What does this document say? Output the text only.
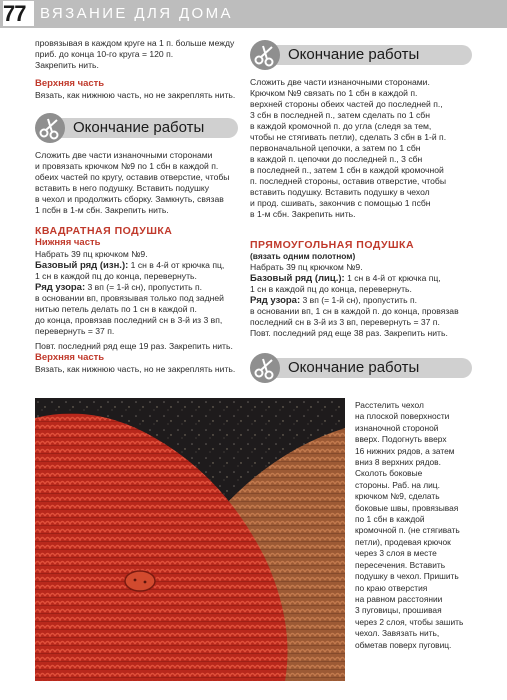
77 ВЯЗАНИЕ ДЛЯ ДОМА

провязывая в каждом круге на 1 п. больше между

приб. до конца 10-го круга = 120 п.

Закрепить нить.

Верхняя часть

Вязать, как нижнюю часть, но не закреплять нить.

Окончание работы

Сложить две части изнаночными сторонами

и провязать крючком №9 по 1 сбн в каждой п.

обеих частей по кругу, оставив отверстие, чтобы

вставить в него подушку. Вставить подушку

в чехол и продолжить сборку. Замкнуть, связав

1 псбн в 1-м сбн. Закрепить нить.

КВАДРАТНАЯ ПОДУШКА

Нижняя часть

Набрать 39 пц крючком №9.

Базовый ряд (изн.): 1 сн в 4-й от крючка пц,

1 сн в каждой пц до конца, перевернуть.

Ряд узора: 3 вп (= 1-й сн), пропустить п.

в основании вп, провязывая только под задней

нитью петель делать по 1 сн в каждой п.

до конца, провязав последний сн в 3-й из 3 вп,

перевернуть = 37 п.

Повт. последний ряд еще 19 раз. Закрепить нить.

Верхняя часть

Вязать, как нижнюю часть, но не закреплять нить.

Окончание работы

Сложить две части изнаночными сторонами.

Крючком №9 связать по 1 сбн в каждой п.

верхней стороны обеих частей до последней п.,

3 сбн в последней п., затем сделать по 1 сбн

в каждой кромочной п. до угла (следя за тем,

чтобы не стягивать петли), сделать 3 сбн в 1-й п.

первоначальной цепочки, а затем по 1 сбн

в каждой п. цепочки до последней п., 3 сбн

в последней п., затем 1 сбн в каждой кромочной

п. последней стороны, оставив отверстие, чтобы

вставить подушку. Вставить подушку в чехол

и прод. сшивать, закончив с помощью 1 псбн

в 1-м сбн. Закрепить нить.

ПРЯМОУГОЛЬНАЯ ПОДУШКА

(вязать одним полотном)

Набрать 39 пц крючком №9.

Базовый ряд (лиц.): 1 сн в 4-й от крючка пц,

1 сн в каждой пц до конца, перевернуть.

Ряд узора: 3 вп (= 1-й сн), пропустить п.

в основании вп, 1 сн в каждой п. до конца, провязав

последний сн в 3-й из 3 вп, перевернуть = 37 п.

Повт. последний ряд еще 38 раз. Закрепить нить.

Окончание работы
Расстелить чехол
на плоской поверхности
изнаночной стороной
вверх. Подогнуть вверх
16 нижних рядов, а затем
вниз 8 верхних рядов.
Сколоть боковые
стороны. Раб. на лиц.
крючком №9, сделать
боковые швы, провязывая
по 1 сбн в каждой
кромочной п. (не стягивать
петли), продевая крючок
через 3 слоя в месте
пересечения. Вставить
подушку в чехол. Пришить
по краю отверстия
на равном расстоянии
3 пуговицы, прошивая
через 2 слоя, чтобы зашить
чехол. Завязать нить,
обметав поверх пуговиц.
